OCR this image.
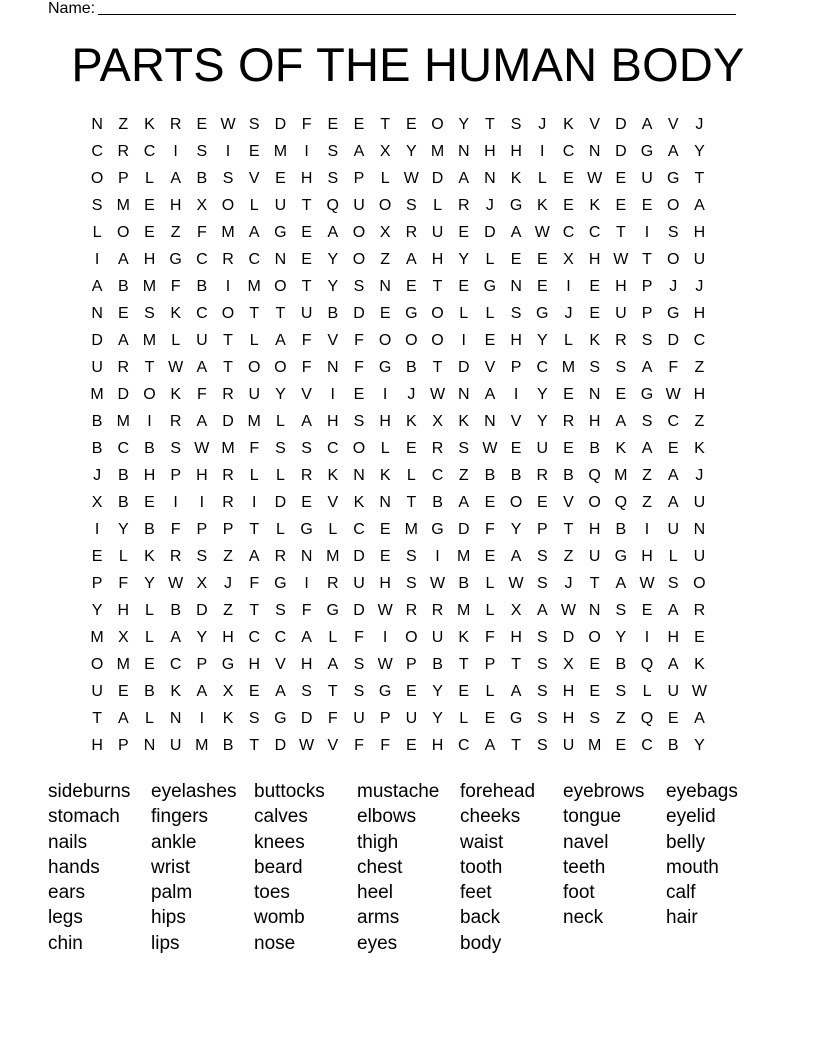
Name:
PARTS OF THE HUMAN BODY
N Z K R E W S D F E E T E O Y T S	J	K V D A V	J
C R C	I	S	I	E M	I	S A X Y M N H H	I	C N D G A Y
O P	L	A B S V E H S P	L W D A N K	L	E W E U G T
S M E H X O L U T Q U O S	L R	J G K E K E E O A
L O E Z	F M A G E A O X R U E D A W C C T	I	S H
I	A H G C R C N E Y O Z A H Y	L	E E X H W T O U
A B M F B	I	M O T Y S N E T E G N E	I	E H P	J	J
N E S K C O T	T U B D E G O L	L	S G J	E U P G H
D A M L U T	L	A F V F O O O	I	E H Y	L	K R S D C
U R T W A T O O F N F G B T D V P C M S S A F	Z
M D O K F R U Y V	I	E	I	J W N A	I	Y E N E G W H
B M	I	R A D M L	A H S H K X K N V Y R H A S C Z
B C B S W M F S S C O L	E R S W E U E B K A E K
J	B H P H R L	L R K N K	L C Z B B R B Q M Z A	J
X B E	I	I	R	I	D E V K N T B A E O E V O Q Z A U
I	Y B F P P T	L G L C E M G D F Y P T H B	I	U N
E	L	K R S Z A R N M D E S	I	M E A S Z U G H L U
P F Y W X	J	F G	I	R U H S W B	L W S	J	T A W S O
Y H L	B D Z	T S F G D W R R M L	X A W N S E A R
M X	L	A Y H C C A	L	F	I	O U K F H S D O Y	I	H E
O M E C P G H V H A S W P B T P T S X E B Q A K
U E B K A X E A S T S G E Y E	L	A S H E S	L U W
T A	L N	I	K S G D F U P U Y	L	E G S H S Z Q E A
H P N U M B T D W V F	F E H C A T S U M E C B Y
sideburns	eyelashes buttocks	mustache	forehead	eyebrows	eyebags
stomach	fingers	calves	elbows	cheeks	tongue	eyelid
nails	ankle	knees	thigh	waist	navel	belly
hands	wrist	beard	chest	tooth	teeth	mouth
ears	palm	toes	heel	feet	foot	calf
legs	hips	womb	arms	back	neck	hair
chin	lips	nose	eyes	body
